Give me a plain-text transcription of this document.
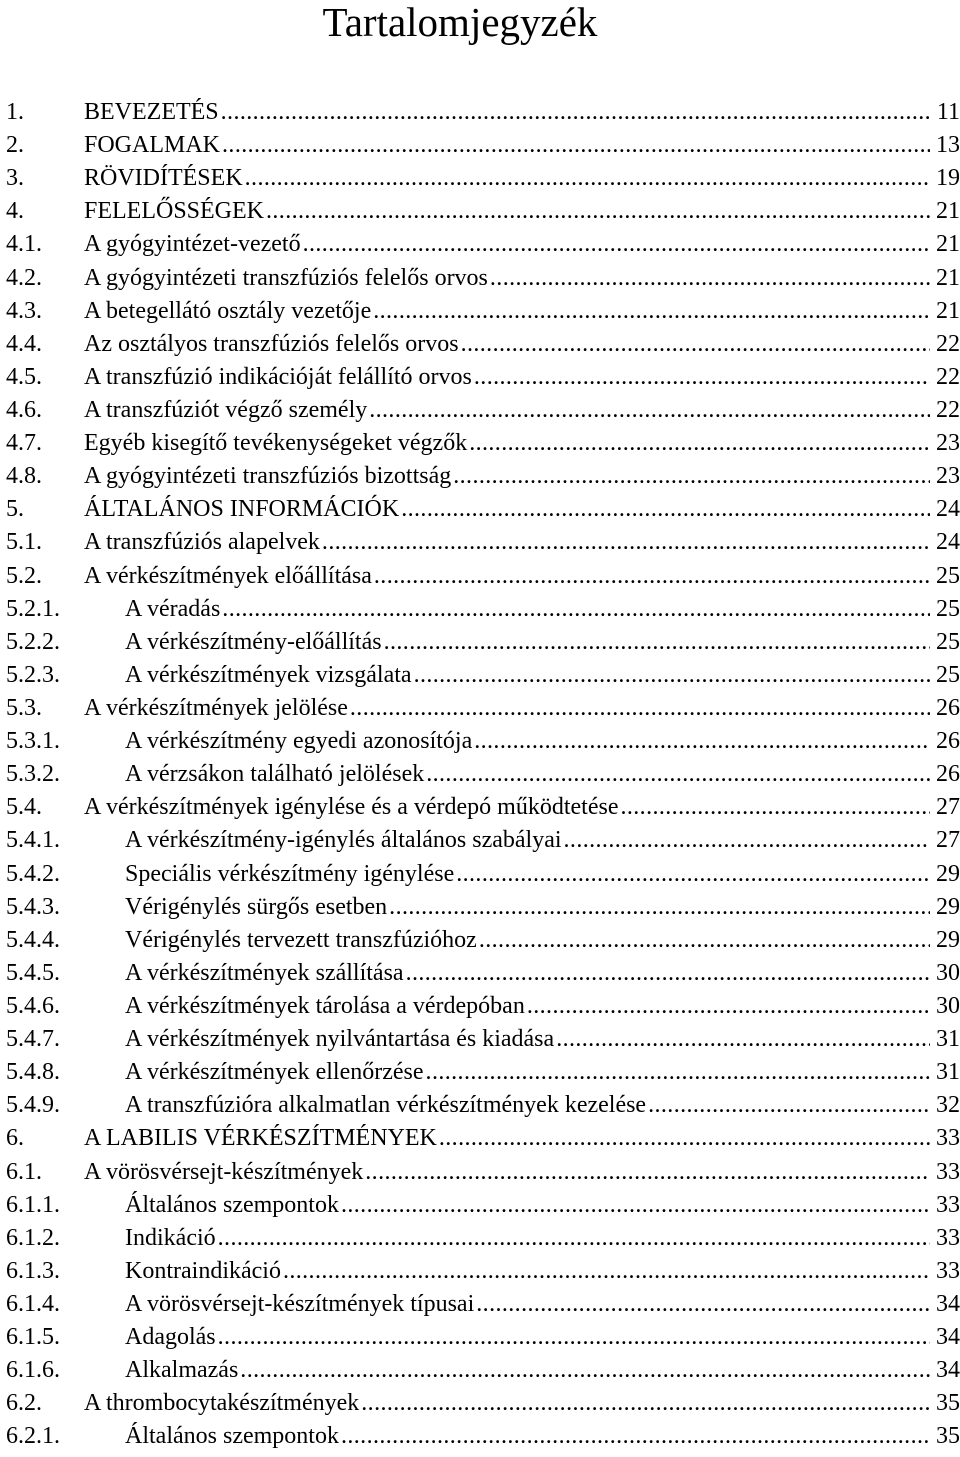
Tartalomjegyzék
1.	BEVEZETÉS .....	11
2.	FOGALMAK .....	13
3.	RÖVIDÍTÉSEK .....	19
4.	FELELŐSSÉGEK .....	21
4.1.	A gyógyintézet-vezető .....	21
4.2.	A gyógyintézeti transzfúziós felelős orvos .....	21
4.3.	A betegellátó osztály vezetője .....	21
4.4.	Az osztályos transzfúziós felelős orvos .....	22
4.5.	A transzfúzió indikációját felállító orvos .....	22
4.6.	A transzfúziót végző személy .....	22
4.7.	Egyéb kisegítő tevékenységeket végzők .....	23
4.8.	A gyógyintézeti transzfúziós bizottság .....	23
5.	ÁLTALÁNOS INFORMÁCIÓK .....	24
5.1.	A transzfúziós alapelvek .....	24
5.2.	A vérkészítmények előállítása .....	25
5.2.1.	A véradás .....	25
5.2.2.	A vérkészítmény-előállítás .....	25
5.2.3.	A vérkészítmények vizsgálata .....	25
5.3.	A vérkészítmények jelölése .....	26
5.3.1.	A vérkészítmény egyedi azonosítója .....	26
5.3.2.	A vérzsákon található jelölések .....	26
5.4.	A vérkészítmények igénylése és a vérdepó működtetése .....	27
5.4.1.	A vérkészítmény-igénylés általános szabályai .....	27
5.4.2.	Speciális vérkészítmény igénylése .....	29
5.4.3.	Vérigénylés sürgős esetben .....	29
5.4.4.	Vérigénylés tervezett transzfúzióhoz .....	29
5.4.5.	A vérkészítmények szállítása .....	30
5.4.6.	A vérkészítmények tárolása a vérdepóban .....	30
5.4.7.	A vérkészítmények nyilvántartása és kiadása .....	31
5.4.8.	A vérkészítmények ellenőrzése .....	31
5.4.9.	A transzfúzióra alkalmatlan vérkészítmények kezelése .....	32
6.	A LABILIS VÉRKÉSZÍTMÉNYEK .....	33
6.1.	A vörösvérsejt-készítmények .....	33
6.1.1.	Általános szempontok .....	33
6.1.2.	Indikáció .....	33
6.1.3.	Kontraindikáció .....	33
6.1.4.	A vörösvérsejt-készítmények típusai .....	34
6.1.5.	Adagolás .....	34
6.1.6.	Alkalmazás .....	34
6.2.	A thrombocytakészítmények .....	35
6.2.1.	Általános szempontok .....	35
